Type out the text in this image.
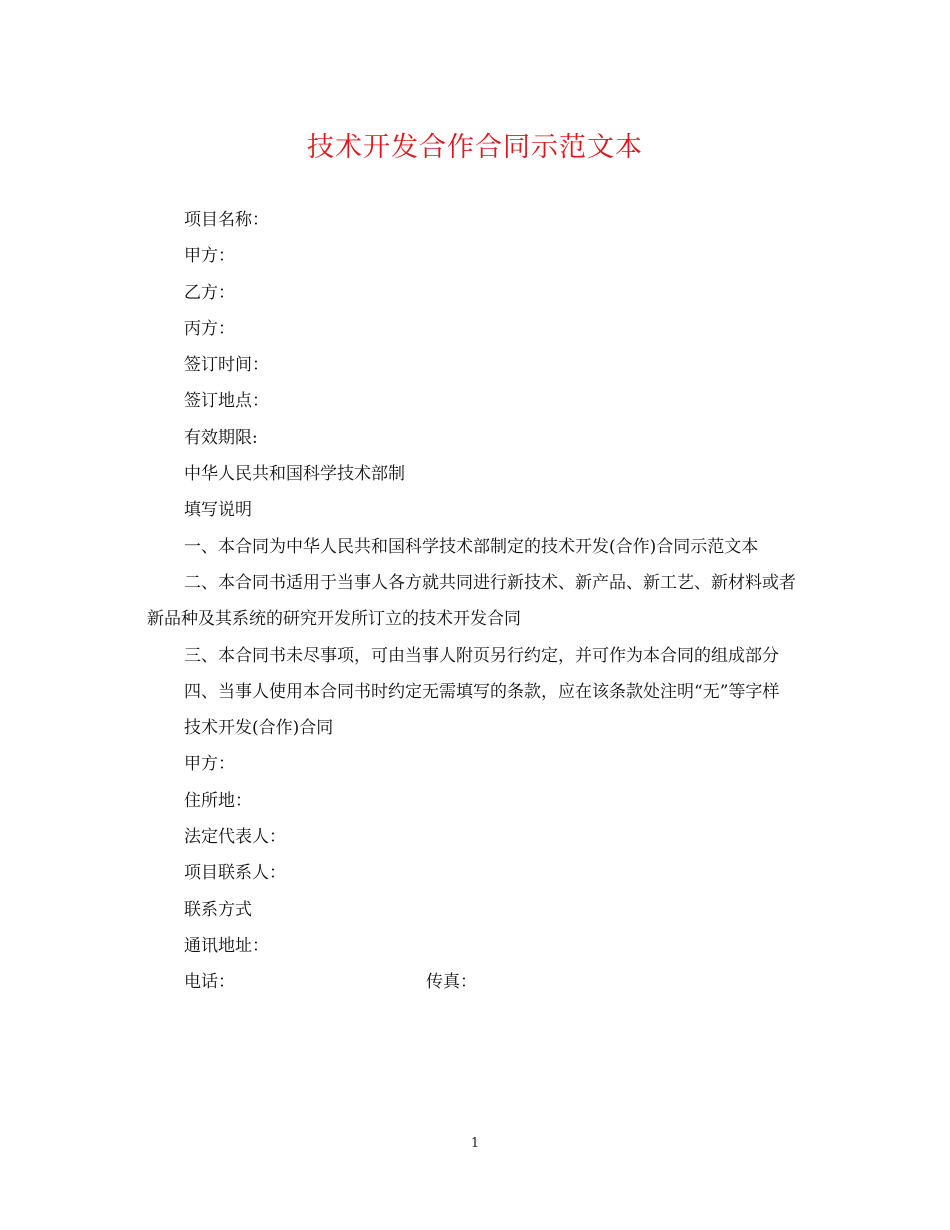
技术开发合作合同示范文本

项目名称：

甲方：

乙方：

丙方：

签订时间：

签订地点：

有效期限:

中华人民共和国科学技术部制

填写说明

一、本合同为中华人民共和国科学技术部制定的技术开发(合作)合同示范文本

二、本合同书适用于当事人各方就共同进行新技术、新产品、新工艺、新材料或者新品种及其系统的研究开发所订立的技术开发合同

三、本合同书未尽事项，可由当事人附页另行约定，并可作为本合同的组成部分

四、当事人使用本合同书时约定无需填写的条款，应在该条款处注明“无”等字样

技术开发(合作)合同

甲方：

住所地：

法定代表人：

项目联系人：

联系方式

通讯地址：

电话：	传真：
1
